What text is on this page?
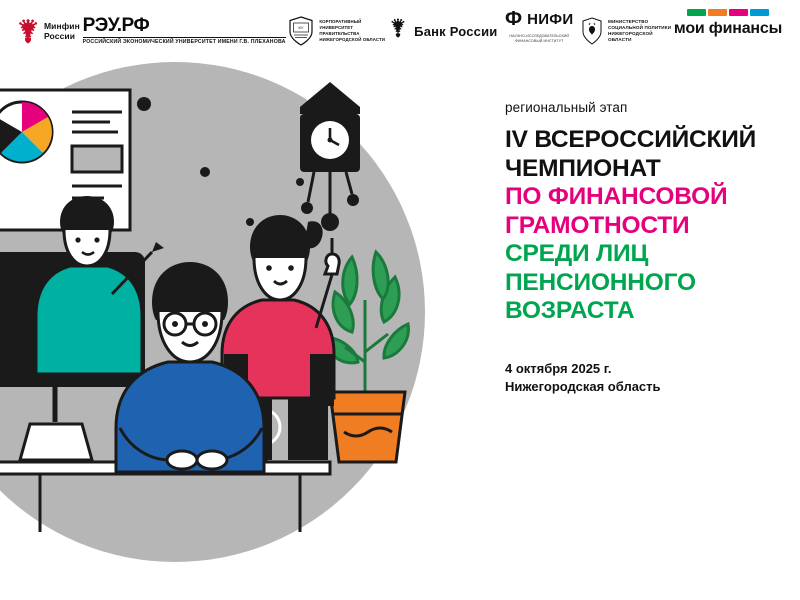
Минфин
России РЭУ.РФ
РОССИЙСКИЙ ЭКОНОМИЧЕСКИЙ УНИВЕРСИТЕТ ИМЕНИ Г.В. ПЛЕХАНОВА
КУ
КОРПОРАТИВНЫЙ УНИВЕРСИТЕТ
ПРАВИТЕЛЬСТВА
НИЖЕГОРОДСКОЙ ОБЛАСТИ
Банк России
Ф НИФИ
НАУЧНО-ИССЛЕДОВАТЕЛЬСКИЙ ФИНАНСОВЫЙ ИНСТИТУТ
МИНИСТЕРСТВО
СОЦИАЛЬНОЙ ПОЛИТИКИ
НИЖЕГОРОДСКОЙ
ОБЛАСТИ
мои финансы
региональный этап
IV ВСЕРОССИЙСКИЙ
ЧЕМПИОНАТ
ПО ФИНАНСОВОЙ
ГРАМОТНОСТИ
СРЕДИ ЛИЦ
ПЕНСИОННОГО
ВОЗРАСТА
4 октября 2025 г.
Нижегородская область
